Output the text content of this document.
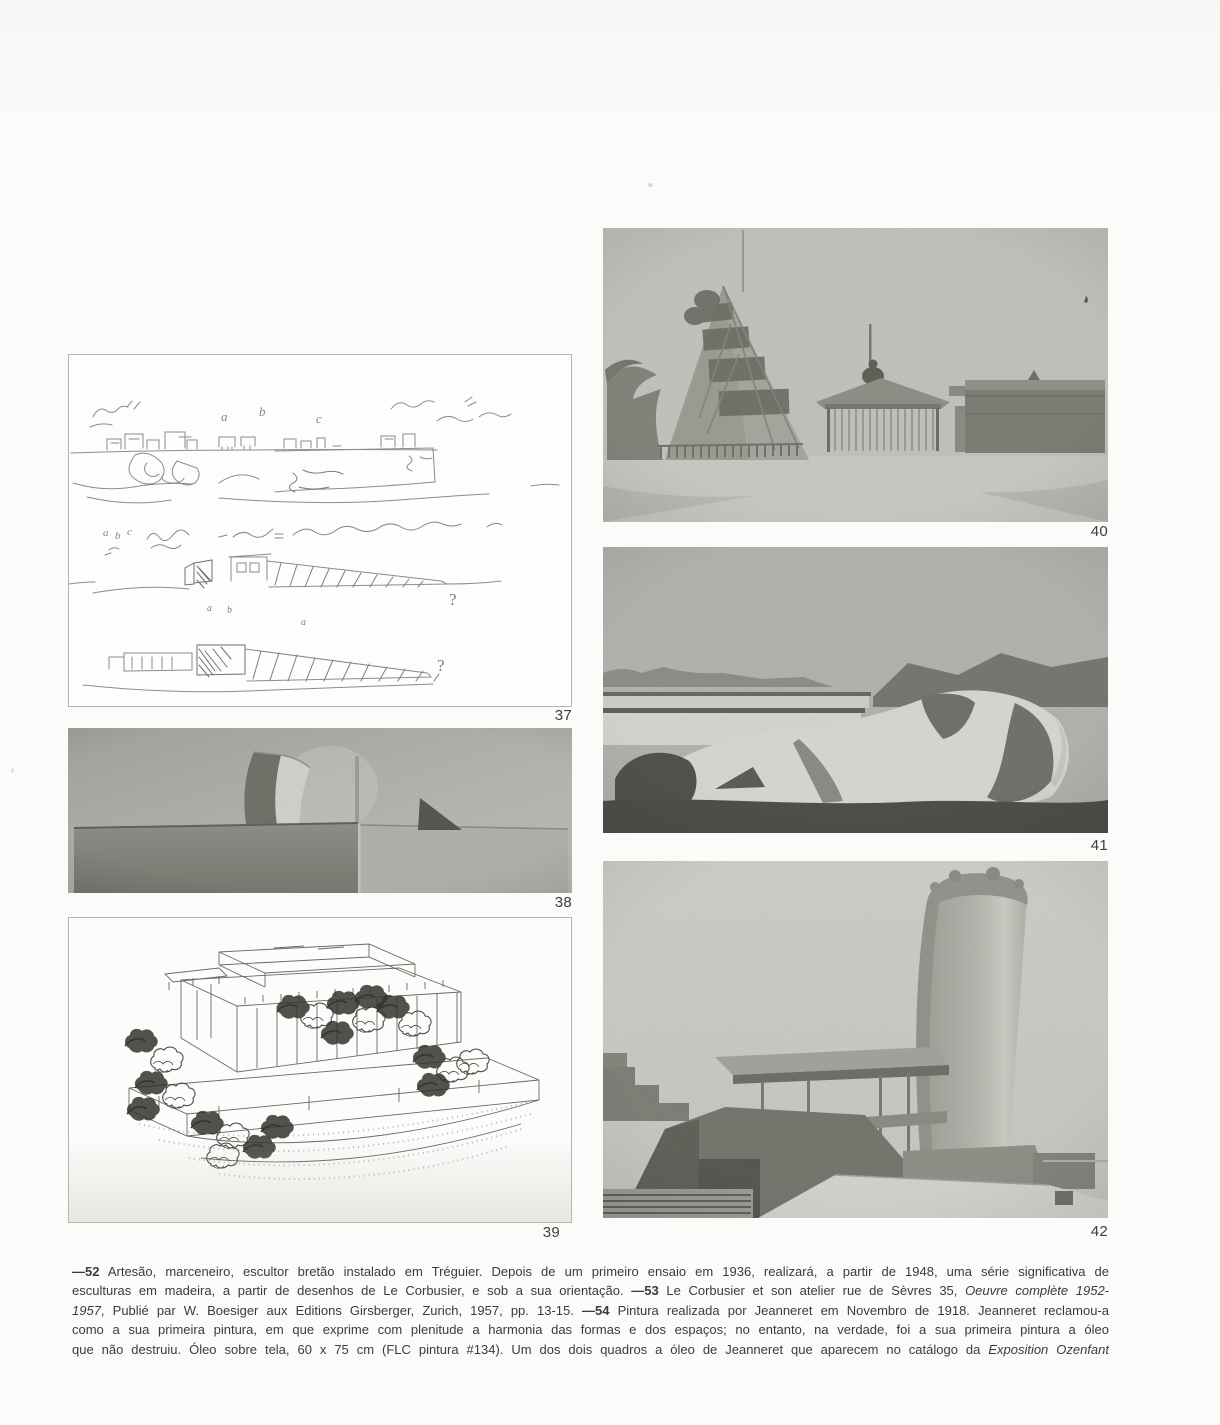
a b	c
a b c
a b
a
?
?
37
38
39
40
41
42
—52 Artesão, marceneiro, escultor bretão instalado em Tréguier. Depois de um primeiro ensaio em 1936, realizará, a partir de 1948, uma série significativa de
esculturas em madeira, a partir de desenhos de Le Corbusier, e sob a sua orientação. —53 Le Corbusier et son atelier rue de Sèvres 35, Oeuvre complète 1952-
1957, Publié par W. Boesiger aux Editions Girsberger, Zurich, 1957, pp. 13-15. —54 Pintura realizada por Jeanneret em Novembro de 1918. Jeanneret reclamou-a
como a sua primeira pintura, em que exprime com plenitude a harmonia das formas e dos espaços; no entanto, na verdade, foi a sua primeira pintura a óleo
que não destruiu. Óleo sobre tela, 60 x 75 cm (FLC pintura #134). Um dos dois quadros a óleo de Jeanneret que aparecem no catálogo da Exposition Ozenfant
